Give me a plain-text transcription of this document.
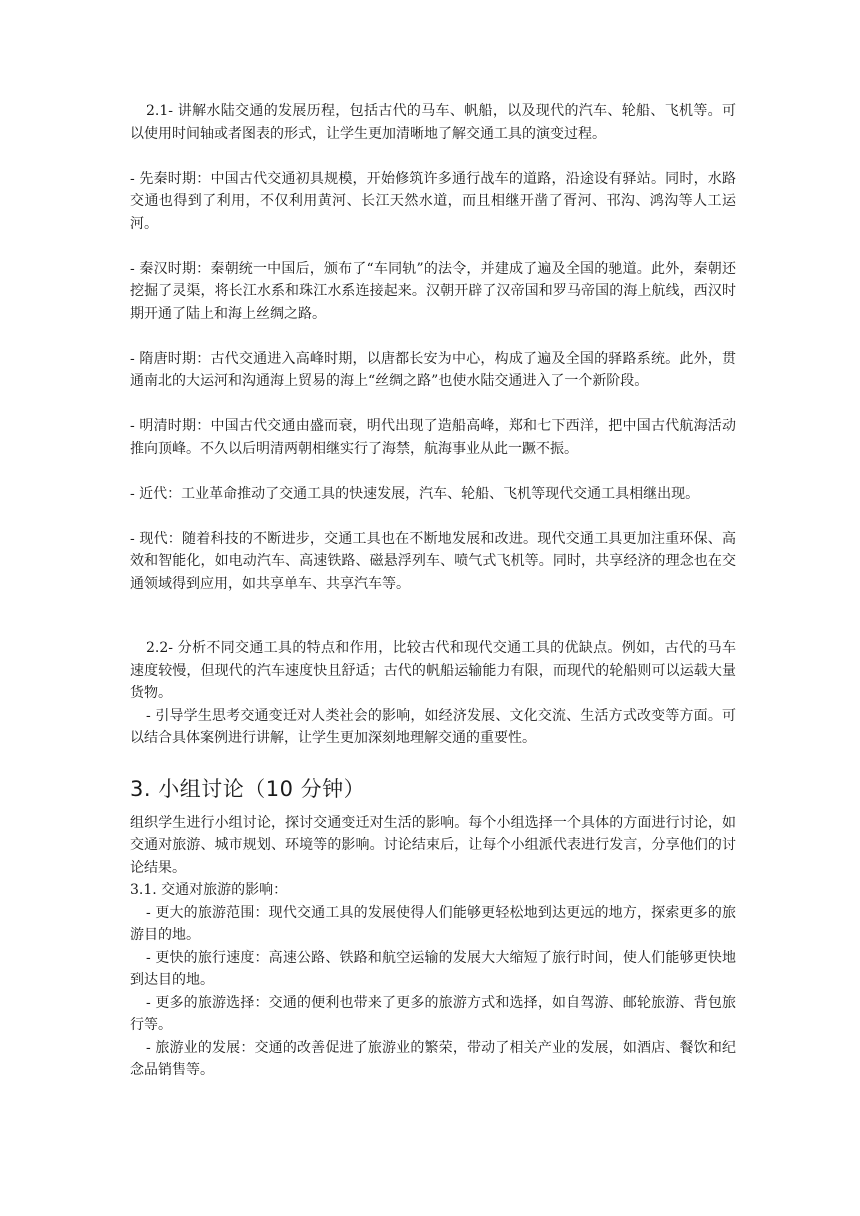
2.1- 讲解水陆交通的发展历程，包括古代的马车、帆船，以及现代的汽车、轮船、飞机等。可以使用时间轴或者图表的形式，让学生更加清晰地了解交通工具的演变过程。

- 先秦时期：中国古代交通初具规模，开始修筑许多通行战车的道路，沿途设有驿站。同时，水路交通也得到了利用，不仅利用黄河、长江天然水道，而且相继开凿了胥河、邗沟、鸿沟等人工运河。

- 秦汉时期：秦朝统一中国后，颁布了“车同轨”的法令，并建成了遍及全国的驰道。此外，秦朝还挖掘了灵渠，将长江水系和珠江水系连接起来。汉朝开辟了汉帝国和罗马帝国的海上航线，西汉时期开通了陆上和海上丝绸之路。

- 隋唐时期：古代交通进入高峰时期，以唐都长安为中心，构成了遍及全国的驿路系统。此外，贯通南北的大运河和沟通海上贸易的海上“丝绸之路”也使水陆交通进入了一个新阶段。

- 明清时期：中国古代交通由盛而衰，明代出现了造船高峰，郑和七下西洋，把中国古代航海活动推向顶峰。不久以后明清两朝相继实行了海禁，航海事业从此一蹶不振。

- 近代：工业革命推动了交通工具的快速发展，汽车、轮船、飞机等现代交通工具相继出现。

- 现代：随着科技的不断进步，交通工具也在不断地发展和改进。现代交通工具更加注重环保、高效和智能化，如电动汽车、高速铁路、磁悬浮列车、喷气式飞机等。同时，共享经济的理念也在交通领域得到应用，如共享单车、共享汽车等。

2.2- 分析不同交通工具的特点和作用，比较古代和现代交通工具的优缺点。例如，古代的马车速度较慢，但现代的汽车速度快且舒适；古代的帆船运输能力有限，而现代的轮船则可以运载大量货物。

- 引导学生思考交通变迁对人类社会的影响，如经济发展、文化交流、生活方式改变等方面。可以结合具体案例进行讲解，让学生更加深刻地理解交通的重要性。

3. 小组讨论（10 分钟）

组织学生进行小组讨论，探讨交通变迁对生活的影响。每个小组选择一个具体的方面进行讨论，如交通对旅游、城市规划、环境等的影响。讨论结束后，让每个小组派代表进行发言，分享他们的讨论结果。

3.1. 交通对旅游的影响：

- 更大的旅游范围：现代交通工具的发展使得人们能够更轻松地到达更远的地方，探索更多的旅游目的地。

- 更快的旅行速度：高速公路、铁路和航空运输的发展大大缩短了旅行时间，使人们能够更快地到达目的地。

- 更多的旅游选择：交通的便利也带来了更多的旅游方式和选择，如自驾游、邮轮旅游、背包旅行等。

- 旅游业的发展：交通的改善促进了旅游业的繁荣，带动了相关产业的发展，如酒店、餐饮和纪念品销售等。
